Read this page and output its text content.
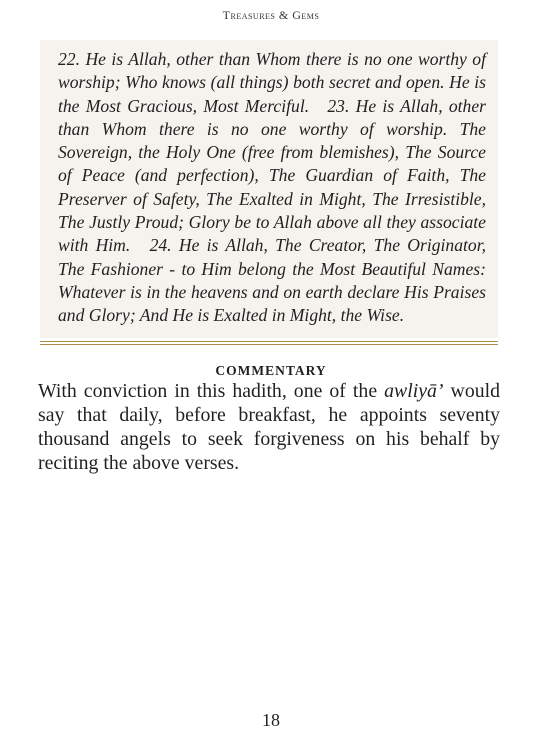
Treasures & Gems

22. He is Allah, other than Whom there is no one worthy of worship; Who knows (all things) both secret and open. He is the Most Gracious, Most Merciful. 23. He is Allah, other than Whom there is no one worthy of worship. The Sovereign, the Holy One (free from blemishes), The Source of Peace (and perfection), The Guardian of Faith, The Preserver of Safety, The Exalted in Might, The Irresistible, The Justly Proud; Glory be to Allah above all they associate with Him. 24. He is Allah, The Creator, The Originator, The Fashioner - to Him belong the Most Beautiful Names: Whatever is in the heavens and on earth declare His Praises and Glory; And He is Exalted in Might, the Wise.

COMMENTARY

With conviction in this hadith, one of the awliyā’ would say that daily, before breakfast, he appoints seventy thousand angels to seek forgiveness on his behalf by reciting the above verses.

18
